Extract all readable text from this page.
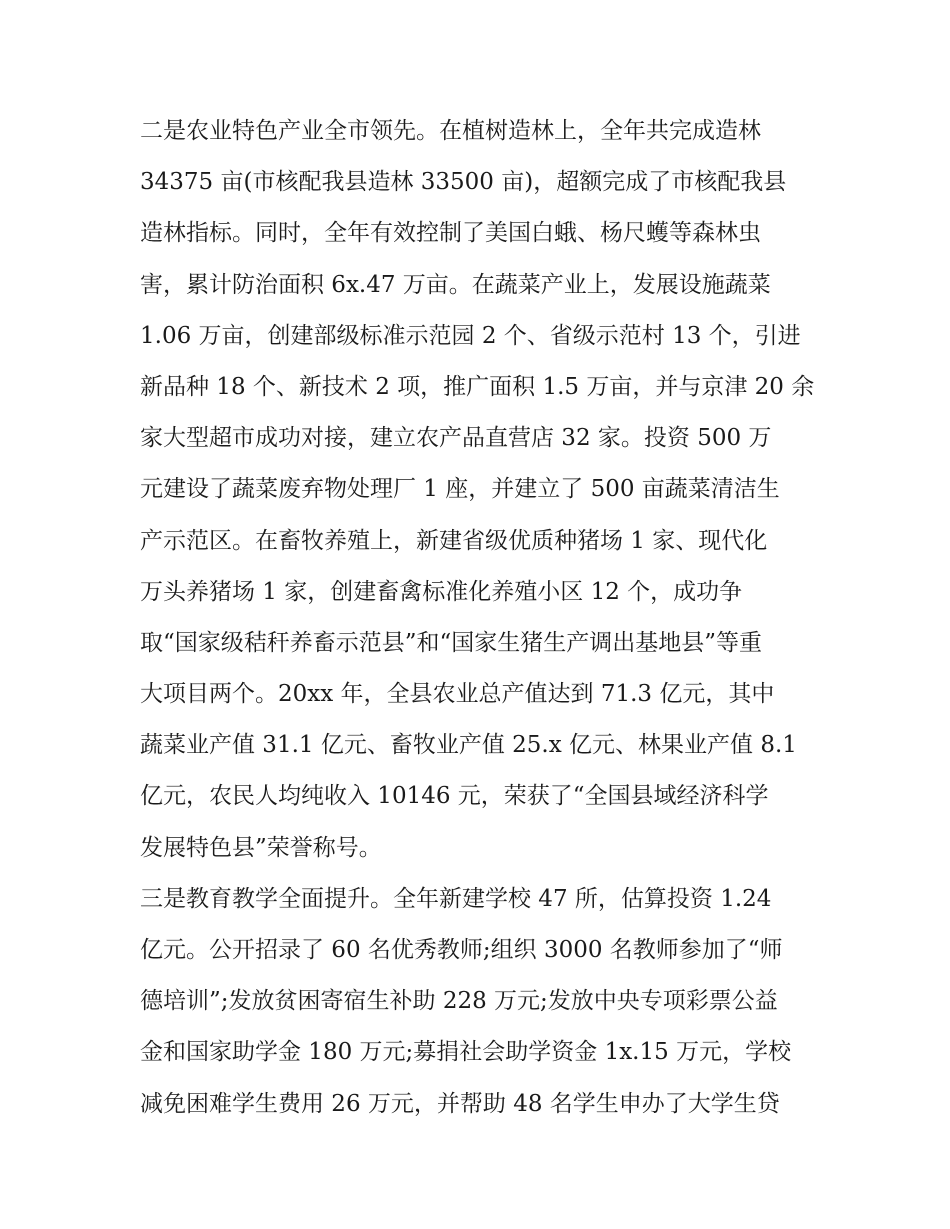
二是农业特色产业全市领先。在植树造林上，全年共完成造林
34375 亩(市核配我县造林 33500 亩)，超额完成了市核配我县
造林指标。同时，全年有效控制了美国白蛾、杨尺蠖等森林虫
害，累计防治面积 6x.47 万亩。在蔬菜产业上，发展设施蔬菜
1.06 万亩，创建部级标准示范园 2 个、省级示范村 13 个，引进
新品种 18 个、新技术 2 项，推广面积 1.5 万亩，并与京津 20 余
家大型超市成功对接，建立农产品直营店 32 家。投资 500 万
元建设了蔬菜废弃物处理厂 1 座，并建立了 500 亩蔬菜清洁生
产示范区。在畜牧养殖上，新建省级优质种猪场 1 家、现代化
万头养猪场 1 家，创建畜禽标准化养殖小区 12 个，成功争
取“国家级秸秆养畜示范县”和“国家生猪生产调出基地县”等重
大项目两个。20xx 年，全县农业总产值达到 71.3 亿元，其中
蔬菜业产值 31.1 亿元、畜牧业产值 25.x 亿元、林果业产值 8.1
亿元，农民人均纯收入 10146 元，荣获了“全国县域经济科学
发展特色县”荣誉称号。
三是教育教学全面提升。全年新建学校 47 所，估算投资 1.24
亿元。公开招录了 60 名优秀教师;组织 3000 名教师参加了“师
德培训”;发放贫困寄宿生补助 228 万元;发放中央专项彩票公益
金和国家助学金 180 万元;募捐社会助学资金 1x.15 万元，学校
减免困难学生费用 26 万元，并帮助 48 名学生申办了大学生贷
